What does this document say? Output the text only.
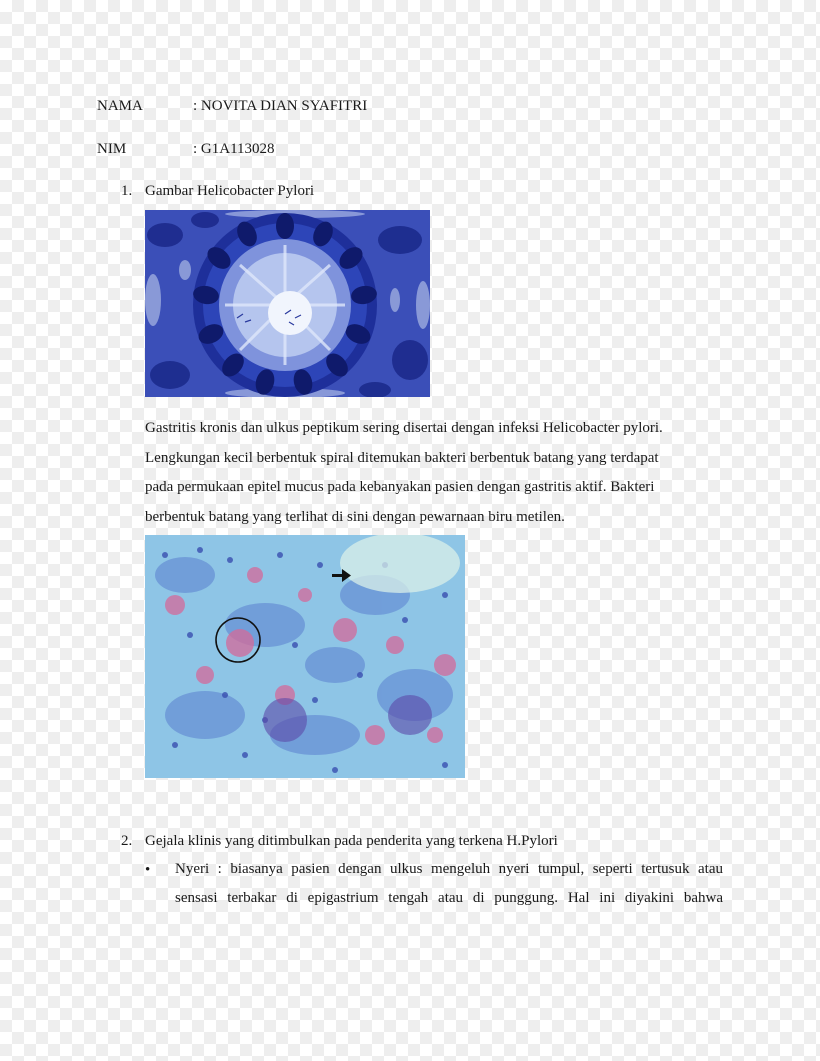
NAMA	: NOVITA DIAN SYAFITRI
NIM	: G1A113028
1. Gambar Helicobacter Pylori
Gastritis kronis dan ulkus peptikum sering disertai dengan infeksi Helicobacter pylori.
Lengkungan kecil berbentuk spiral ditemukan bakteri berbentuk batang yang terdapat
pada permukaan epitel mucus pada kebanyakan pasien dengan gastritis aktif. Bakteri
berbentuk batang yang terlihat di sini dengan pewarnaan biru metilen.
2. Gejala klinis yang ditimbulkan pada penderita yang terkena H.Pylori
• Nyeri : biasanya pasien dengan ulkus mengeluh nyeri tumpul, seperti tertusuk atau
sensasi terbakar di epigastrium tengah atau di punggung. Hal ini diyakini bahwa
